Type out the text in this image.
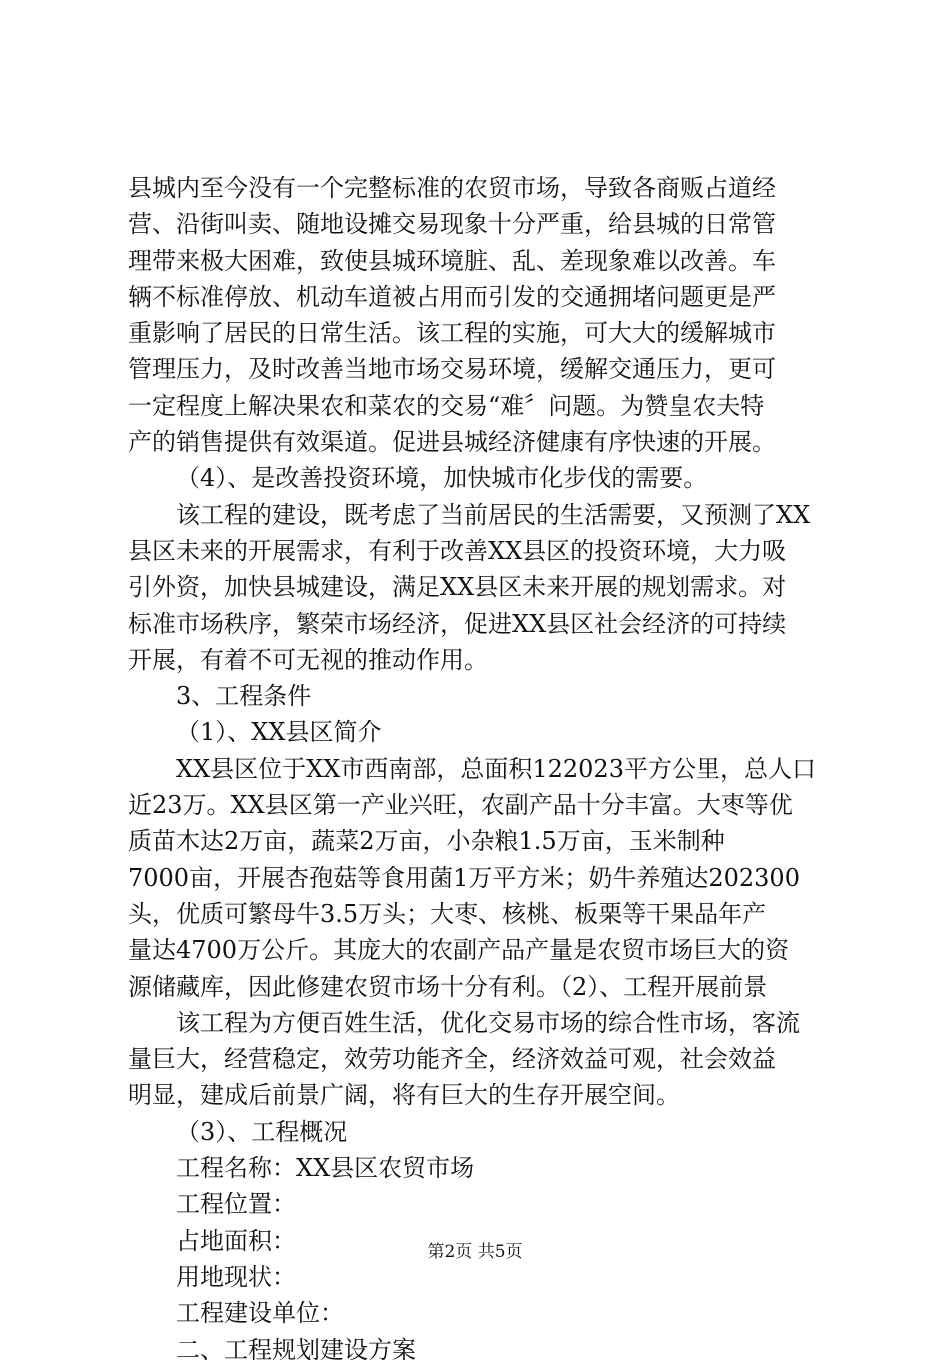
县城内至今没有一个完整标准的农贸市场，导致各商贩占道经
营、沿街叫卖、随地设摊交易现象十分严重，给县城的日常管
理带来极大困难，致使县城环境脏、乱、差现象难以改善。车
辆不标准停放、机动车道被占用而引发的交通拥堵问题更是严
重影响了居民的日常生活。该工程的实施，可大大的缓解城市
管理压力，及时改善当地市场交易环境，缓解交通压力，更可
一定程度上解决果农和菜农的交易“难〞问题。为赞皇农夫特
产的销售提供有效渠道。促进县城经济健康有序快速的开展。
（4）、是改善投资环境，加快城市化步伐的需要。
该工程的建设，既考虑了当前居民的生活需要，又预测了XX
县区未来的开展需求，有利于改善XX县区的投资环境，大力吸
引外资，加快县城建设，满足XX县区未来开展的规划需求。对
标准市场秩序，繁荣市场经济，促进XX县区社会经济的可持续
开展，有着不可无视的推动作用。
3、工程条件
（1）、XX县区简介
XX县区位于XX市西南部，总面积122023平方公里，总人口
近23万。XX县区第一产业兴旺，农副产品十分丰富。大枣等优
质苗木达2万亩，蔬菜2万亩，小杂粮1.5万亩，玉米制种
7000亩，开展杏孢菇等食用菌1万平方米；奶牛养殖达202300
头，优质可繁母牛3.5万头；大枣、核桃、板栗等干果品年产
量达4700万公斤。其庞大的农副产品产量是农贸市场巨大的资
源储藏库，因此修建农贸市场十分有利。（2）、工程开展前景
该工程为方便百姓生活，优化交易市场的综合性市场，客流
量巨大，经营稳定，效劳功能齐全，经济效益可观，社会效益
明显，建成后前景广阔，将有巨大的生存开展空间。
（3）、工程概况
工程名称：XX县区农贸市场
工程位置：
占地面积：
用地现状：
工程建设单位：
二、工程规划建设方案
第2页 共5页
